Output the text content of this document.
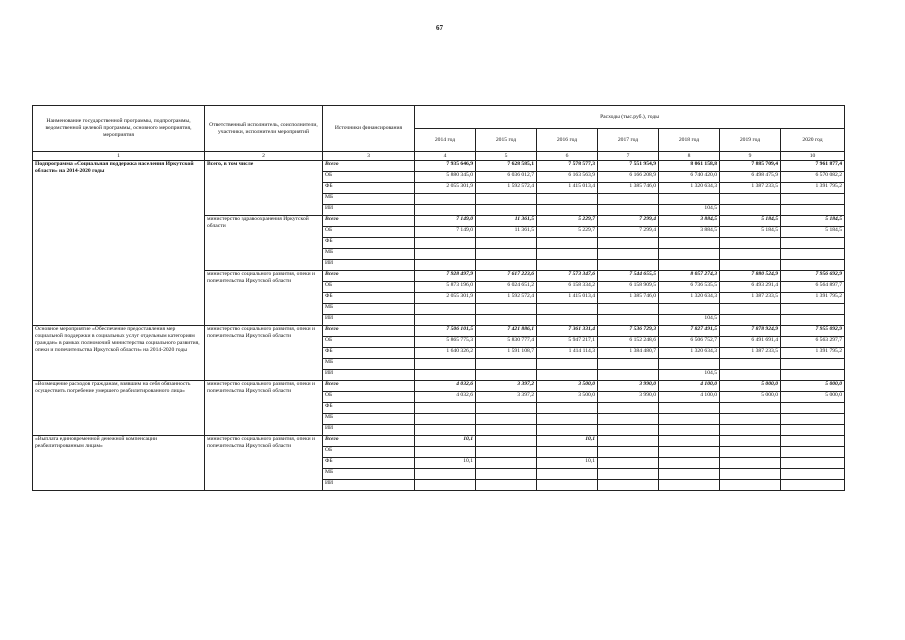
67
Наименование государственной программы, подпрограммы, ведомственной целевой программы, основного мероприятия, мероприятия	Ответственный исполнитель, соисполнители, участники, исполнители мероприятий	Источники финансирования	Расходы (тыс.руб.), годы						
			2014 год	2015 год	2016 год	2017 год	2018 год	2019 год	2020 год
1	2	3	4	5	6	7	8	9	10
Подпрограмма «Социальная поддержка населения Иркутской области» на 2014-2020 годы	Всего, в том числе	Всего	7 935 646,9	7 628 585,1	7 578 577,3	7 551 954,9	8 061 158,8	7 885 709,4	7 961 877,4
		ОБ	5 880 345,0	6 036 012,7	6 163 563,9	6 166 208,9	6 740 420,0	6 498 475,9	6 570 082,2
		ФБ	2 055 301,9	1 592 572,4	1 415 013,4	1 385 746,0	1 320 634,3	1 387 233,5	1 391 795,2
		МБ							
		ИИ					104,5		
	министерство здравоохранения Иркутской области	Всего	7 149,0	11 361,5	5 229,7	7 299,4	3 884,5	5 184,5	5 184,5
		ОБ	7 149,0	11 361,5	5 229,7	7 299,4	3 884,5	5 184,5	5 184,5
		ФБ							
		МБ							
		ИИ							
	министерство социального развития, опеки и попечительства Иркутской области	Всего	7 928 497,9	7 617 223,6	7 573 347,6	7 544 655,5	8 057 274,3	7 880 524,9	7 956 692,9
		ОБ	5 873 196,0	6 024 651,2	6 158 334,2	6 158 909,5	6 736 535,5	6 493 291,4	6 564 897,7
		ФБ	2 055 301,9	1 592 572,4	1 415 013,4	1 385 746,0	1 320 634,3	1 387 233,5	1 391 795,2
		МБ							
		ИИ					104,5		
Основное мероприятие «Обеспечение предоставления мер социальной поддержки в социальных услуг отдельным категориям граждан» в рамках полномочий министерства социального развития, опеки и попечительства Иркутской области» на 2014-2020 годы	министерство социального развития, опеки и попечительства Иркутской области	Всего	7 506 101,5	7 421 886,1	7 361 331,4	7 536 729,3	7 827 491,5	7 878 924,9	7 955 092,9
		ОБ	5 865 775,3	5 830 777,4	5 947 217,1	6 152 248,6	6 506 752,7	6 491 691,4	6 563 297,7
		ФБ	1 640 326,2	1 591 108,7	1 414 114,3	1 384 480,7	1 320 634,3	1 387 233,5	1 391 795,2
		МБ							
		ИИ					104,5		
«Возмещение расходов гражданам, взявшим на себя обязанность осуществить погребение умершего реабилитированного лица»	министерство социального развития, опеки и попечительства Иркутской области	Всего	4 032,6	3 397,2	3 500,0	3 990,0	4 100,0	5 000,0	5 000,0
		ОБ	4 032,6	3 397,2	3 500,0	3 990,0	4 100,0	5 000,0	5 000,0
		ФБ							
		МБ							
		ИИ							
«Выплата единовременной денежной компенсации реабилитированным лицам»	министерство социального развития, опеки и попечительства Иркутской области	Всего	10,1		10,1				
		ОБ							
		ФБ	10,1		10,1				
		МБ							
		ИИ							
